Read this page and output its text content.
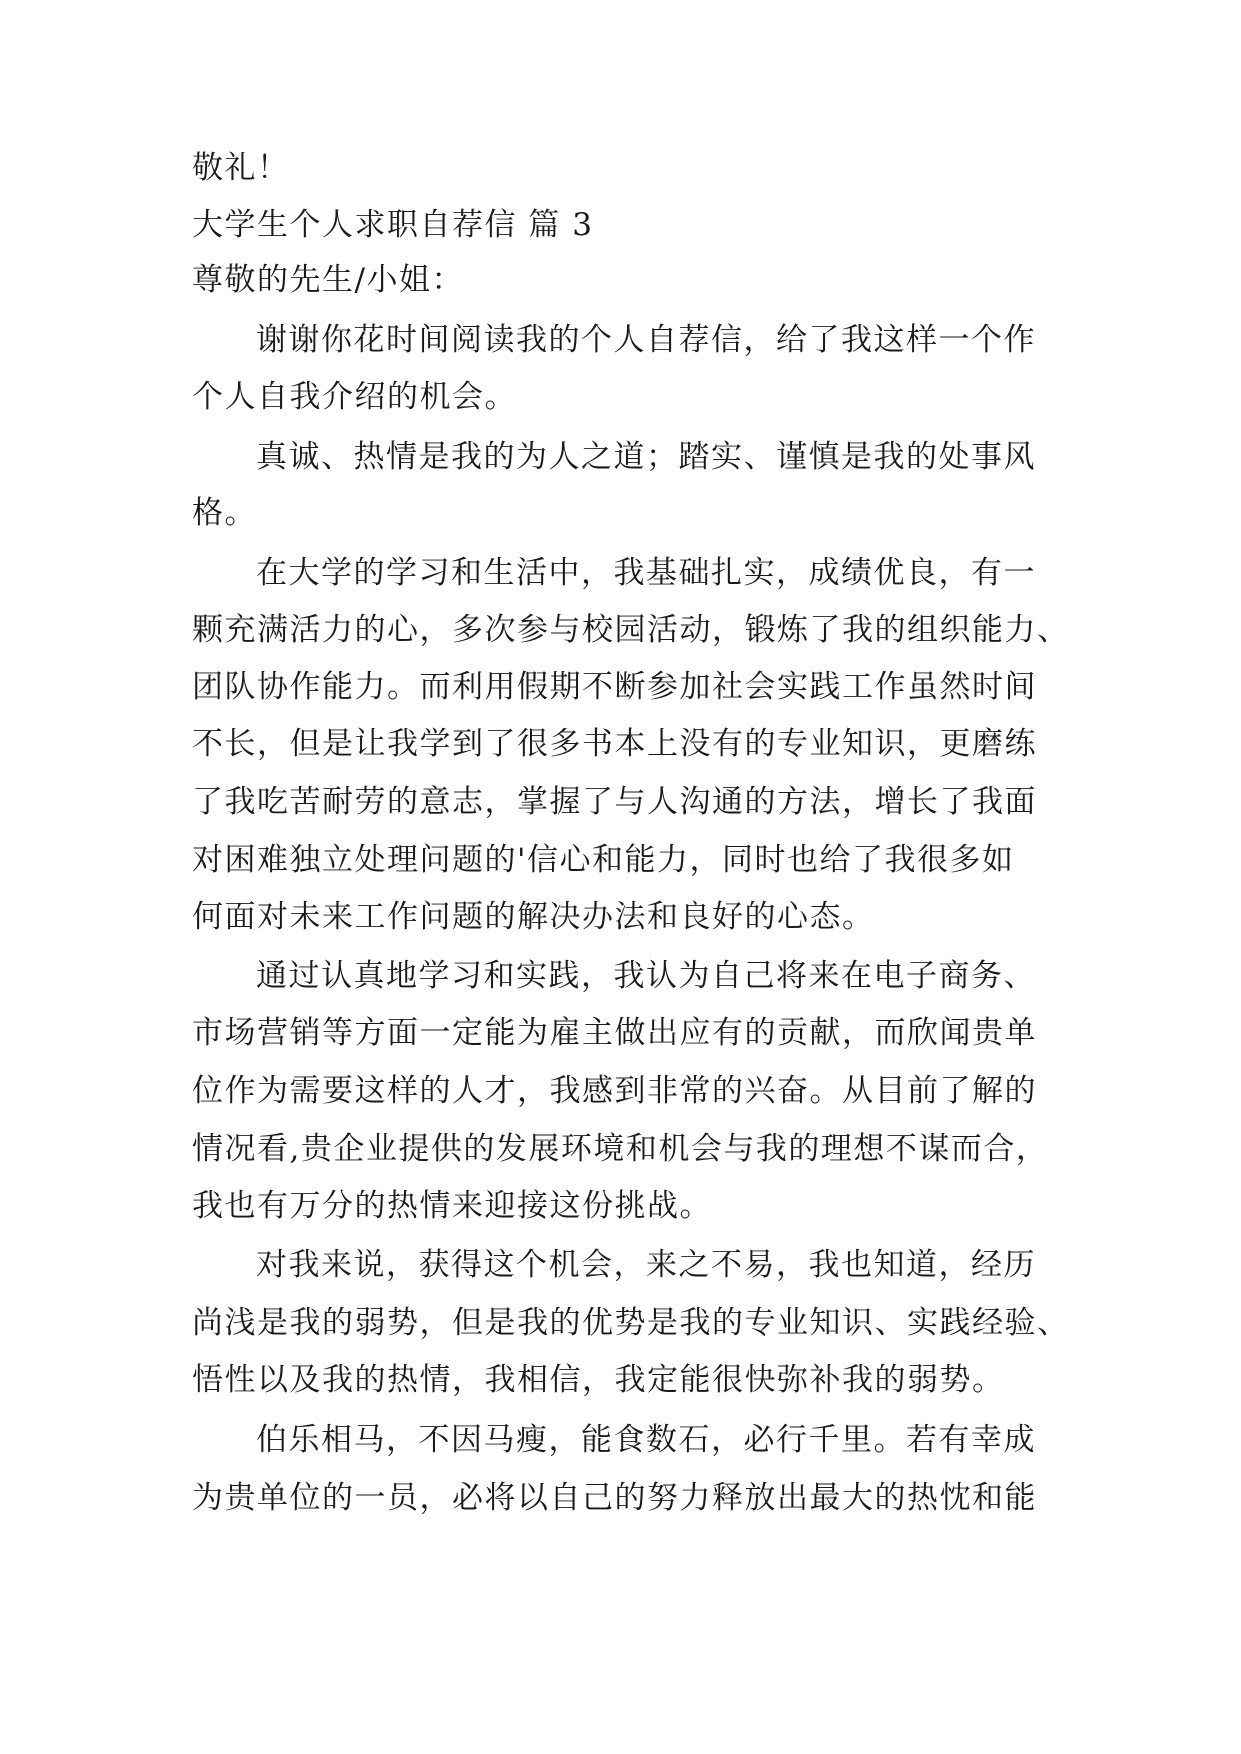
敬礼！

大学生个人求职自荐信 篇 3

尊敬的先生/小姐：

谢谢你花时间阅读我的个人自荐信，给了我这样一个作

个人自我介绍的机会。

真诚、热情是我的为人之道；踏实、谨慎是我的处事风

格。

在大学的学习和生活中，我基础扎实，成绩优良，有一

颗充满活力的心，多次参与校园活动，锻炼了我的组织能力、

团队协作能力。而利用假期不断参加社会实践工作虽然时间

不长，但是让我学到了很多书本上没有的专业知识，更磨练

了我吃苦耐劳的意志，掌握了与人沟通的方法，增长了我面

对困难独立处理问题的'信心和能力，同时也给了我很多如

何面对未来工作问题的解决办法和良好的心态。

通过认真地学习和实践，我认为自己将来在电子商务、

市场营销等方面一定能为雇主做出应有的贡献，而欣闻贵单

位作为需要这样的人才，我感到非常的兴奋。从目前了解的

情况看,贵企业提供的发展环境和机会与我的理想不谋而合，

我也有万分的热情来迎接这份挑战。

对我来说，获得这个机会，来之不易，我也知道，经历

尚浅是我的弱势，但是我的优势是我的专业知识、实践经验、

悟性以及我的热情，我相信，我定能很快弥补我的弱势。

伯乐相马，不因马瘦，能食数石，必行千里。若有幸成

为贵单位的一员，必将以自己的努力释放出最大的热忱和能
